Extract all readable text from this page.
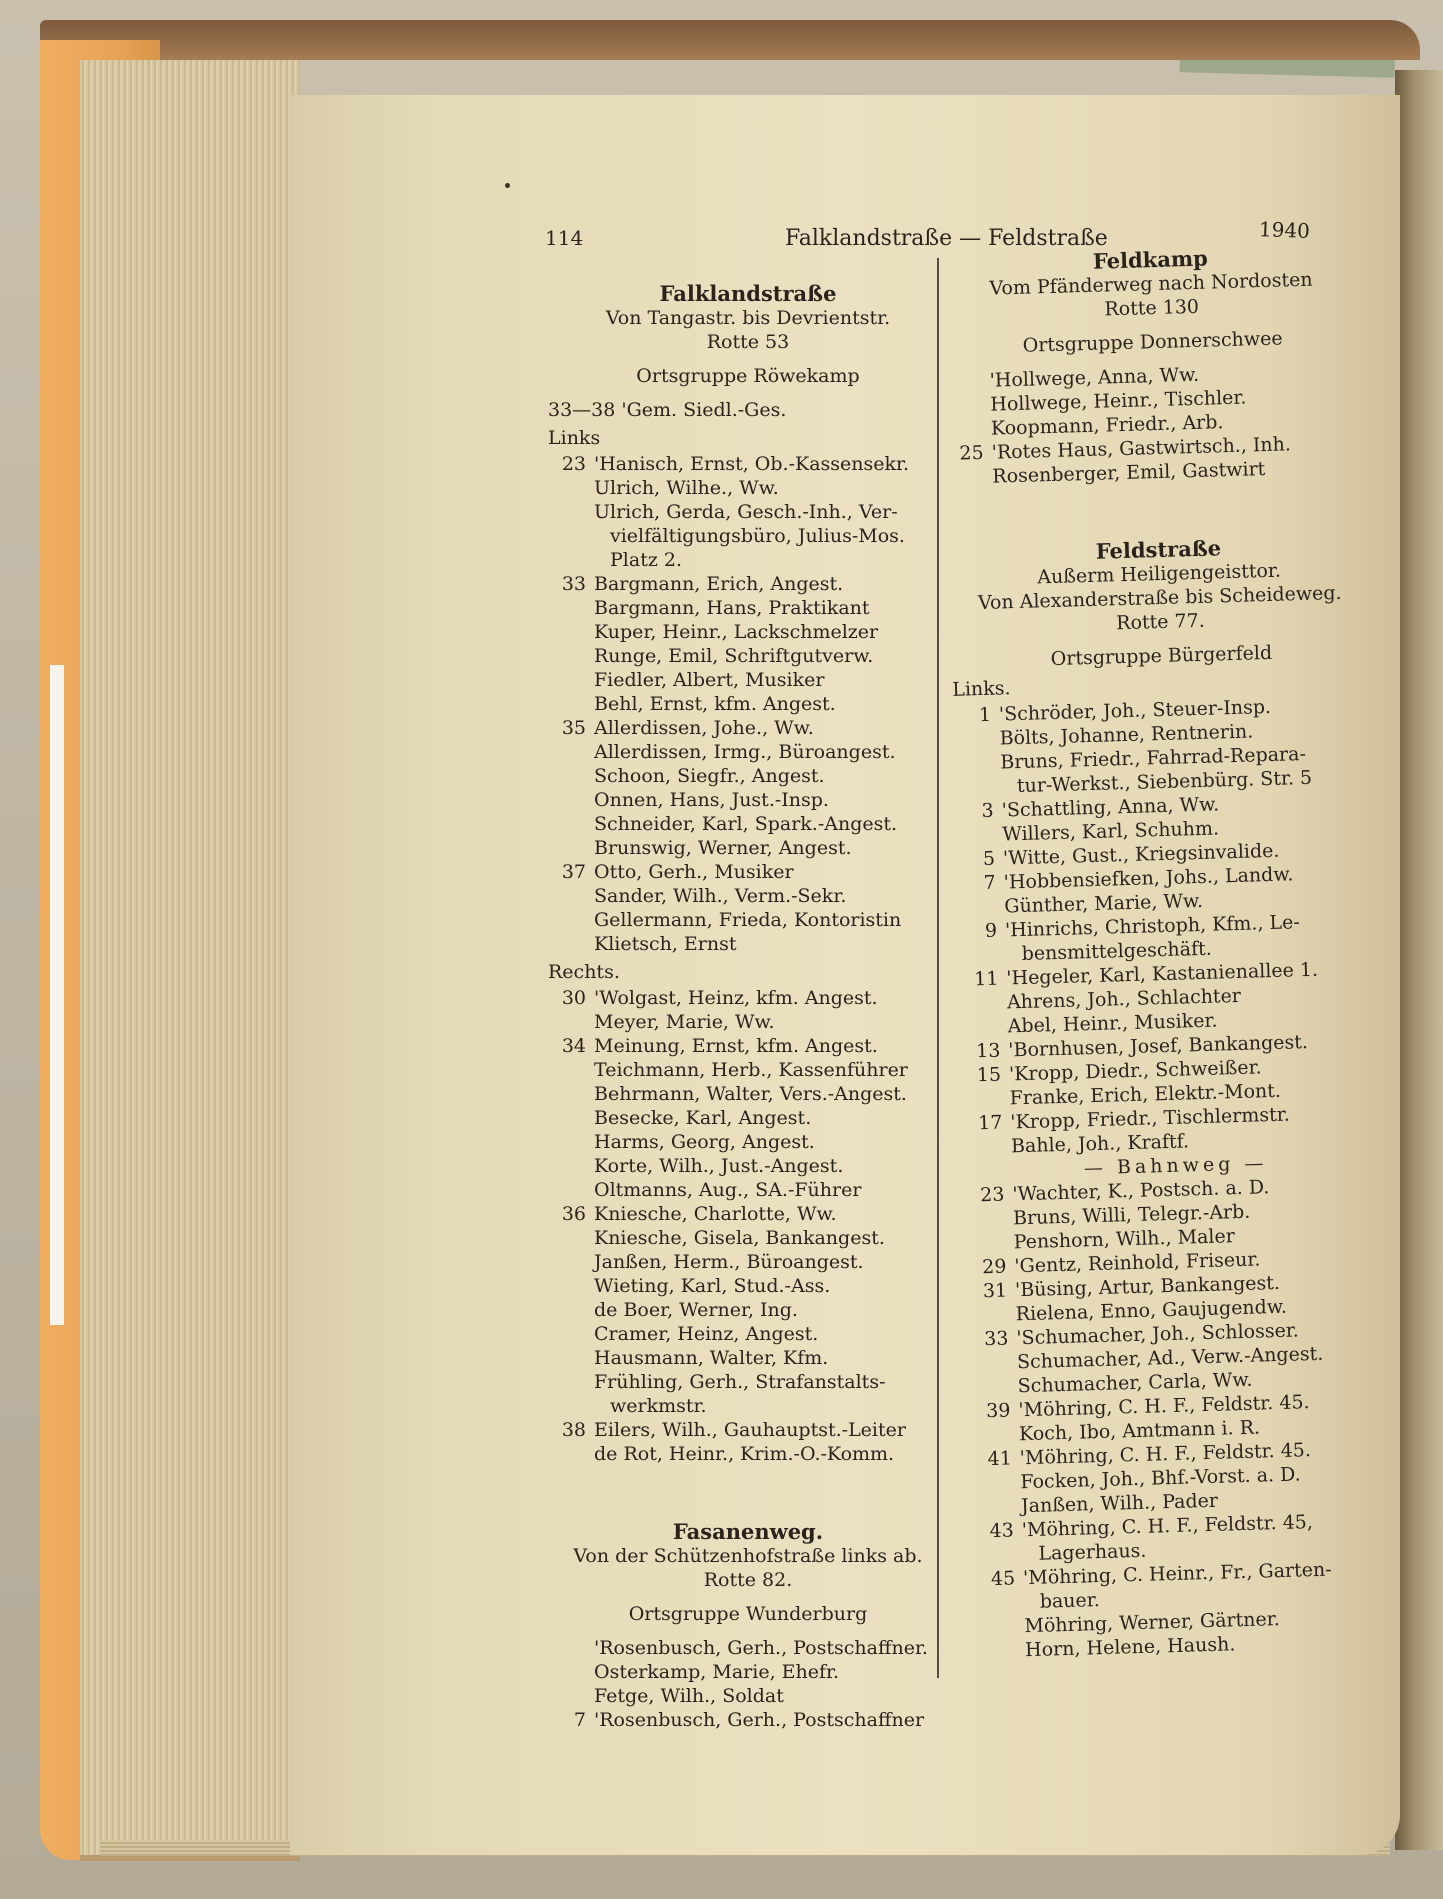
114	Falklandstraße — Feldstraße	1940
Falklandstraße
Von Tangastr. bis Devrientstr.
Rotte 53
Ortsgruppe Röwekamp
33—38 'Gem. Siedl.-Ges.
Links
23 'Hanisch, Ernst, Ob.-Kassensekr.
Ulrich, Wilhe., Ww.
Ulrich, Gerda, Gesch.-Inh., Ver-
vielfältigungsbüro, Julius-Mos.
Platz 2.
33 Bargmann, Erich, Angest.
Bargmann, Hans, Praktikant
Kuper, Heinr., Lackschmelzer
Runge, Emil, Schriftgutverw.
Fiedler, Albert, Musiker
Behl, Ernst, kfm. Angest.
35 Allerdissen, Johe., Ww.
Allerdissen, Irmg., Büroangest.
Schoon, Siegfr., Angest.
Onnen, Hans, Just.-Insp.
Schneider, Karl, Spark.-Angest.
Brunswig, Werner, Angest.
37 Otto, Gerh., Musiker
Sander, Wilh., Verm.-Sekr.
Gellermann, Frieda, Kontoristin
Klietsch, Ernst
Rechts.
30 'Wolgast, Heinz, kfm. Angest.
Meyer, Marie, Ww.
34 Meinung, Ernst, kfm. Angest.
Teichmann, Herb., Kassenführer
Behrmann, Walter, Vers.-Angest.
Besecke, Karl, Angest.
Harms, Georg, Angest.
Korte, Wilh., Just.-Angest.
Oltmanns, Aug., SA.-Führer
36 Kniesche, Charlotte, Ww.
Kniesche, Gisela, Bankangest.
Janßen, Herm., Büroangest.
Wieting, Karl, Stud.-Ass.
de Boer, Werner, Ing.
Cramer, Heinz, Angest.
Hausmann, Walter, Kfm.
Frühling, Gerh., Strafanstalts-
werkmstr.
38 Eilers, Wilh., Gauhauptst.-Leiter
de Rot, Heinr., Krim.-O.-Komm.
Fasanenweg.
Von der Schützenhofstraße links ab.
Rotte 82.
Ortsgruppe Wunderburg
'Rosenbusch, Gerh., Postschaffner.
Osterkamp, Marie, Ehefr.
Fetge, Wilh., Soldat
7 'Rosenbusch, Gerh., Postschaffner
Feldkamp
Vom Pfänderweg nach Nordosten
Rotte 130
Ortsgruppe Donnerschwee
'Hollwege, Anna, Ww.
Hollwege, Heinr., Tischler.
Koopmann, Friedr., Arb.
25 'Rotes Haus, Gastwirtsch., Inh.
Rosenberger, Emil, Gastwirt
Feldstraße
Außerm Heiligengeisttor.
Von Alexanderstraße bis Scheideweg.
Rotte 77.
Ortsgruppe Bürgerfeld
Links.
1 'Schröder, Joh., Steuer-Insp.
Bölts, Johanne, Rentnerin.
Bruns, Friedr., Fahrrad-Repara-
tur-Werkst., Siebenbürg. Str. 5
3 'Schattling, Anna, Ww.
Willers, Karl, Schuhm.
5 'Witte, Gust., Kriegsinvalide.
7 'Hobbensiefken, Johs., Landw.
Günther, Marie, Ww.
9 'Hinrichs, Christoph, Kfm., Le-
bensmittelgeschäft.
11 'Hegeler, Karl, Kastanienallee 1.
Ahrens, Joh., Schlachter
Abel, Heinr., Musiker.
13 'Bornhusen, Josef, Bankangest.
15 'Kropp, Diedr., Schweißer.
Franke, Erich, Elektr.-Mont.
17 'Kropp, Friedr., Tischlermstr.
Bahle, Joh., Kraftf.
— Bahnweg —
23 'Wachter, K., Postsch. a. D.
Bruns, Willi, Telegr.-Arb.
Penshorn, Wilh., Maler
29 'Gentz, Reinhold, Friseur.
31 'Büsing, Artur, Bankangest.
Rielena, Enno, Gaujugendw.
33 'Schumacher, Joh., Schlosser.
Schumacher, Ad., Verw.-Angest.
Schumacher, Carla, Ww.
39 'Möhring, C. H. F., Feldstr. 45.
Koch, Ibo, Amtmann i. R.
41 'Möhring, C. H. F., Feldstr. 45.
Focken, Joh., Bhf.-Vorst. a. D.
Janßen, Wilh., Pader
43 'Möhring, C. H. F., Feldstr. 45,
Lagerhaus.
45 'Möhring, C. Heinr., Fr., Garten-
bauer.
Möhring, Werner, Gärtner.
Horn, Helene, Haush.
